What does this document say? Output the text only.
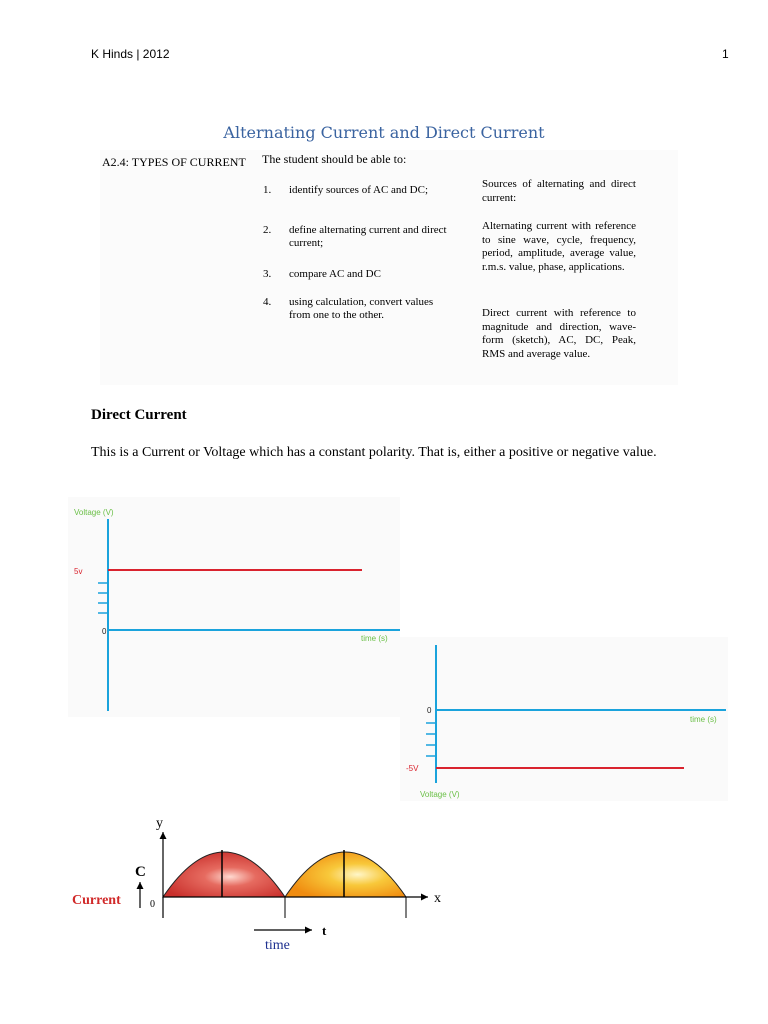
K Hinds | 2012	1
Alternating Current and Direct Current
A2.4: TYPES OF CURRENT The student should be able to:
1. identify sources of AC and DC;
2. define alternating current and direct current;
3. compare AC and DC
4. using calculation, convert values from one to the other.
Sources of alternating and direct current:
Alternating current with reference to sine wave, cycle, frequency, period, amplitude, average value, r.m.s. value, phase, applications.
Direct current with reference to magnitude and direction, wave-form (sketch), AC, DC, Peak, RMS and average value.
Direct Current
This is a Current or Voltage which has a constant polarity. That is, either a positive or negative value.
Voltage (V)
5v
0
time (s)
0
-5V
time (s)
Voltage (V)
y
x
C
Current	0
t
time
